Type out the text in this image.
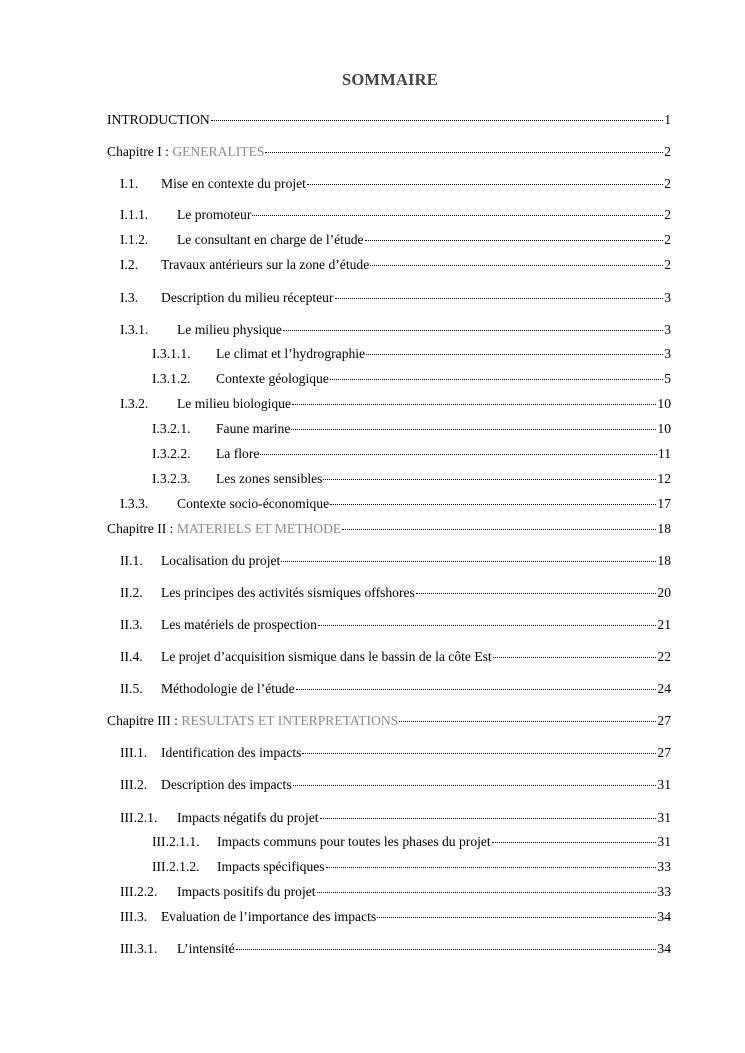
SOMMAIRE
INTRODUCTION	1
Chapitre I : GENERALITES	2
I.1.	Mise en contexte du projet	2
I.1.1.	Le promoteur	2
I.1.2.	Le consultant en charge de l’étude	2
I.2.	Travaux antérieurs sur la zone d’étude	2
I.3.	Description du milieu récepteur	3
I.3.1.	Le milieu physique	3
I.3.1.1.	Le climat et l’hydrographie	3
I.3.1.2.	Contexte géologique	5
I.3.2.	Le milieu biologique	10
I.3.2.1.	Faune marine	10
I.3.2.2.	La flore	11
I.3.2.3.	Les zones sensibles	12
I.3.3.	Contexte socio-économique	17
Chapitre II : MATERIELS ET METHODE	18
II.1.	Localisation du projet	18
II.2.	Les principes des activités sismiques offshores	20
II.3.	Les matériels de prospection	21
II.4.	Le projet d’acquisition sismique dans le bassin de la côte Est	22
II.5.	Méthodologie de l’étude	24
Chapitre III : RESULTATS ET INTERPRETATIONS	27
III.1.	Identification des impacts	27
III.2.	Description des impacts	31
III.2.1.	Impacts négatifs du projet	31
III.2.1.1.	Impacts communs pour toutes les phases du projet	31
III.2.1.2.	Impacts spécifiques	33
III.2.2.	Impacts positifs du projet	33
III.3.	Evaluation de l’importance des impacts	34
III.3.1.	L’intensité	34
